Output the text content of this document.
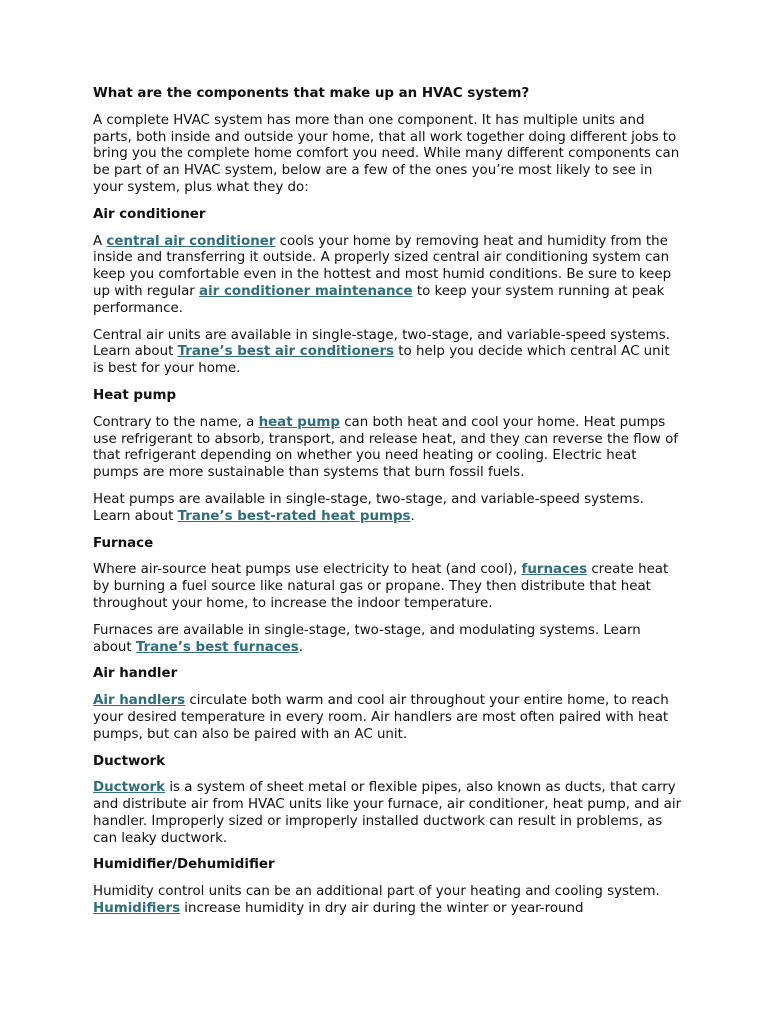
What are the components that make up an HVAC system?

A complete HVAC system has more than one component. It has multiple units and parts, both inside and outside your home, that all work together doing different jobs to bring you the complete home comfort you need. While many different components can be part of an HVAC system, below are a few of the ones you’re most likely to see in your system, plus what they do:

Air conditioner

A central air conditioner cools your home by removing heat and humidity from the inside and transferring it outside. A properly sized central air conditioning system can keep you comfortable even in the hottest and most humid conditions. Be sure to keep up with regular air conditioner maintenance to keep your system running at peak performance.

Central air units are available in single-stage, two-stage, and variable-speed systems. Learn about Trane’s best air conditioners to help you decide which central AC unit is best for your home.

Heat pump

Contrary to the name, a heat pump can both heat and cool your home. Heat pumps use refrigerant to absorb, transport, and release heat, and they can reverse the flow of that refrigerant depending on whether you need heating or cooling. Electric heat pumps are more sustainable than systems that burn fossil fuels.

Heat pumps are available in single-stage, two-stage, and variable-speed systems. Learn about Trane’s best-rated heat pumps.

Furnace

Where air-source heat pumps use electricity to heat (and cool), furnaces create heat by burning a fuel source like natural gas or propane. They then distribute that heat throughout your home, to increase the indoor temperature.

Furnaces are available in single-stage, two-stage, and modulating systems. Learn about Trane’s best furnaces.

Air handler

Air handlers circulate both warm and cool air throughout your entire home, to reach your desired temperature in every room. Air handlers are most often paired with heat pumps, but can also be paired with an AC unit.

Ductwork

Ductwork is a system of sheet metal or flexible pipes, also known as ducts, that carry and distribute air from HVAC units like your furnace, air conditioner, heat pump, and air handler. Improperly sized or improperly installed ductwork can result in problems, as can leaky ductwork.

Humidifier/Dehumidifier

Humidity control units can be an additional part of your heating and cooling system. Humidifiers increase humidity in dry air during the winter or year-round
